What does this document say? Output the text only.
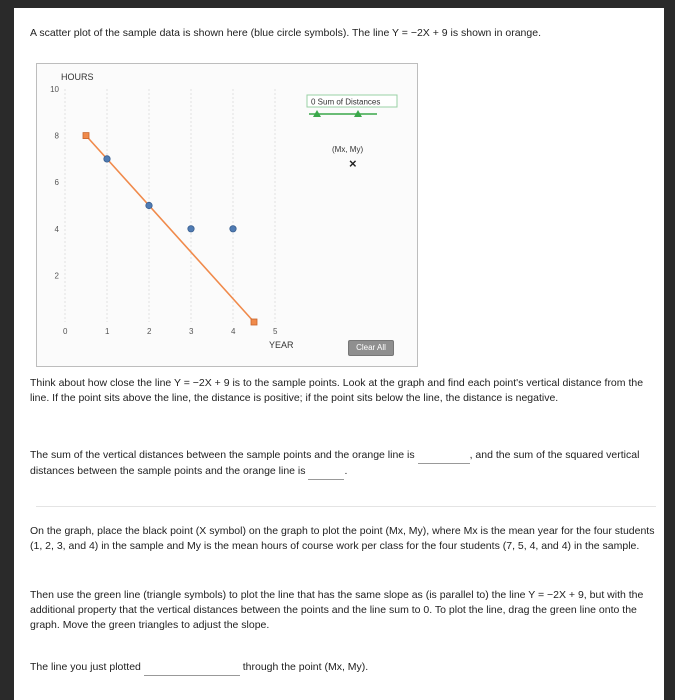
A scatter plot of the sample data is shown here (blue circle symbols). The line Y = −2X + 9 is shown in orange.
HOURS
YEAR
0	1	2	3	4	5
10
8
6
4
2
0 Sum of Distances
(Mx, My)
×
Clear All
Think about how close the line Y = −2X + 9 is to the sample points. Look at the graph and find each point's vertical distance from the line. If the point sits above the line, the distance is positive; if the point sits below the line, the distance is negative.
The sum of the vertical distances between the sample points and the orange line is	, and the sum of the squared vertical distances between the sample points and the orange line is	.
On the graph, place the black point (X symbol) on the graph to plot the point (Mx, My), where Mx is the mean year for the four students (1, 2, 3, and 4) in the sample and My is the mean hours of course work per class for the four students (7, 5, 4, and 4) in the sample.
Then use the green line (triangle symbols) to plot the line that has the same slope as (is parallel to) the line Y = −2X + 9, but with the additional property that the vertical distances between the points and the line sum to 0. To plot the line, drag the green line onto the graph. Move the green triangles to adjust the slope.
The line you just plotted	through the point (Mx, My).
